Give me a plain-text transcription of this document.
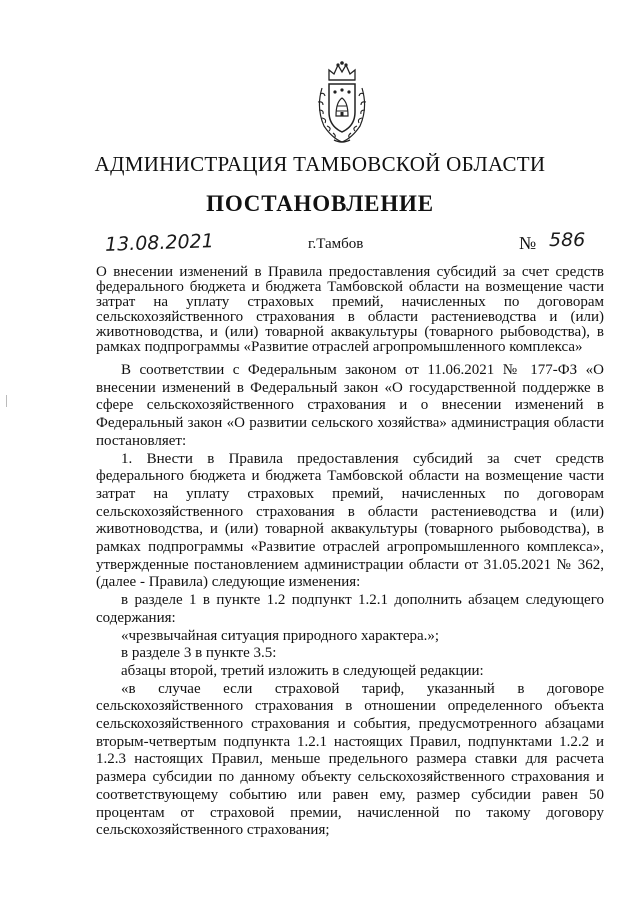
АДМИНИСТРАЦИЯ ТАМБОВСКОЙ ОБЛАСТИ
ПОСТАНОВЛЕНИЕ
13.08.2021	г.Тамбов	№ 586

О внесении изменений в Правила предоставления субсидий за счет средств федерального бюджета и бюджета Тамбовской области на возмещение части затрат на уплату страховых премий, начисленных по договорам сельскохозяйственного страхования в области растениеводства и (или) животноводства, и (или) товарной аквакультуры (товарного рыбоводства), в рамках подпрограммы «Развитие отраслей агропромышленного комплекса»

В соответствии с Федеральным законом от 11.06.2021 № 177-ФЗ «О внесении изменений в Федеральный закон «О государственной поддержке в сфере сельскохозяйственного страхования и о внесении изменений в Федеральный закон «О развитии сельского хозяйства» администрация области постановляет:

1. Внести в Правила предоставления субсидий за счет средств федерального бюджета и бюджета Тамбовской области на возмещение части затрат на уплату страховых премий, начисленных по договорам сельскохозяйственного страхования в области растениеводства и (или) животноводства, и (или) товарной аквакультуры (товарного рыбоводства), в рамках подпрограммы «Развитие отраслей агропромышленного комплекса», утвержденные постановлением администрации области от 31.05.2021 № 362, (далее - Правила) следующие изменения:

в разделе 1 в пункте 1.2 подпункт 1.2.1 дополнить абзацем следующего содержания:

«чрезвычайная ситуация природного характера.»;

в разделе 3 в пункте 3.5:

абзацы второй, третий изложить в следующей редакции:

«в случае если страховой тариф, указанный в договоре сельскохозяйственного страхования в отношении определенного объекта сельскохозяйственного страхования и события, предусмотренного абзацами вторым-четвертым подпункта 1.2.1 настоящих Правил, подпунктами 1.2.2 и 1.2.3 настоящих Правил, меньше предельного размера ставки для расчета размера субсидии по данному объекту сельскохозяйственного страхования и соответствующему событию или равен ему, размер субсидии равен 50 процентам от страховой премии, начисленной по такому договору сельскохозяйственного страхования;
